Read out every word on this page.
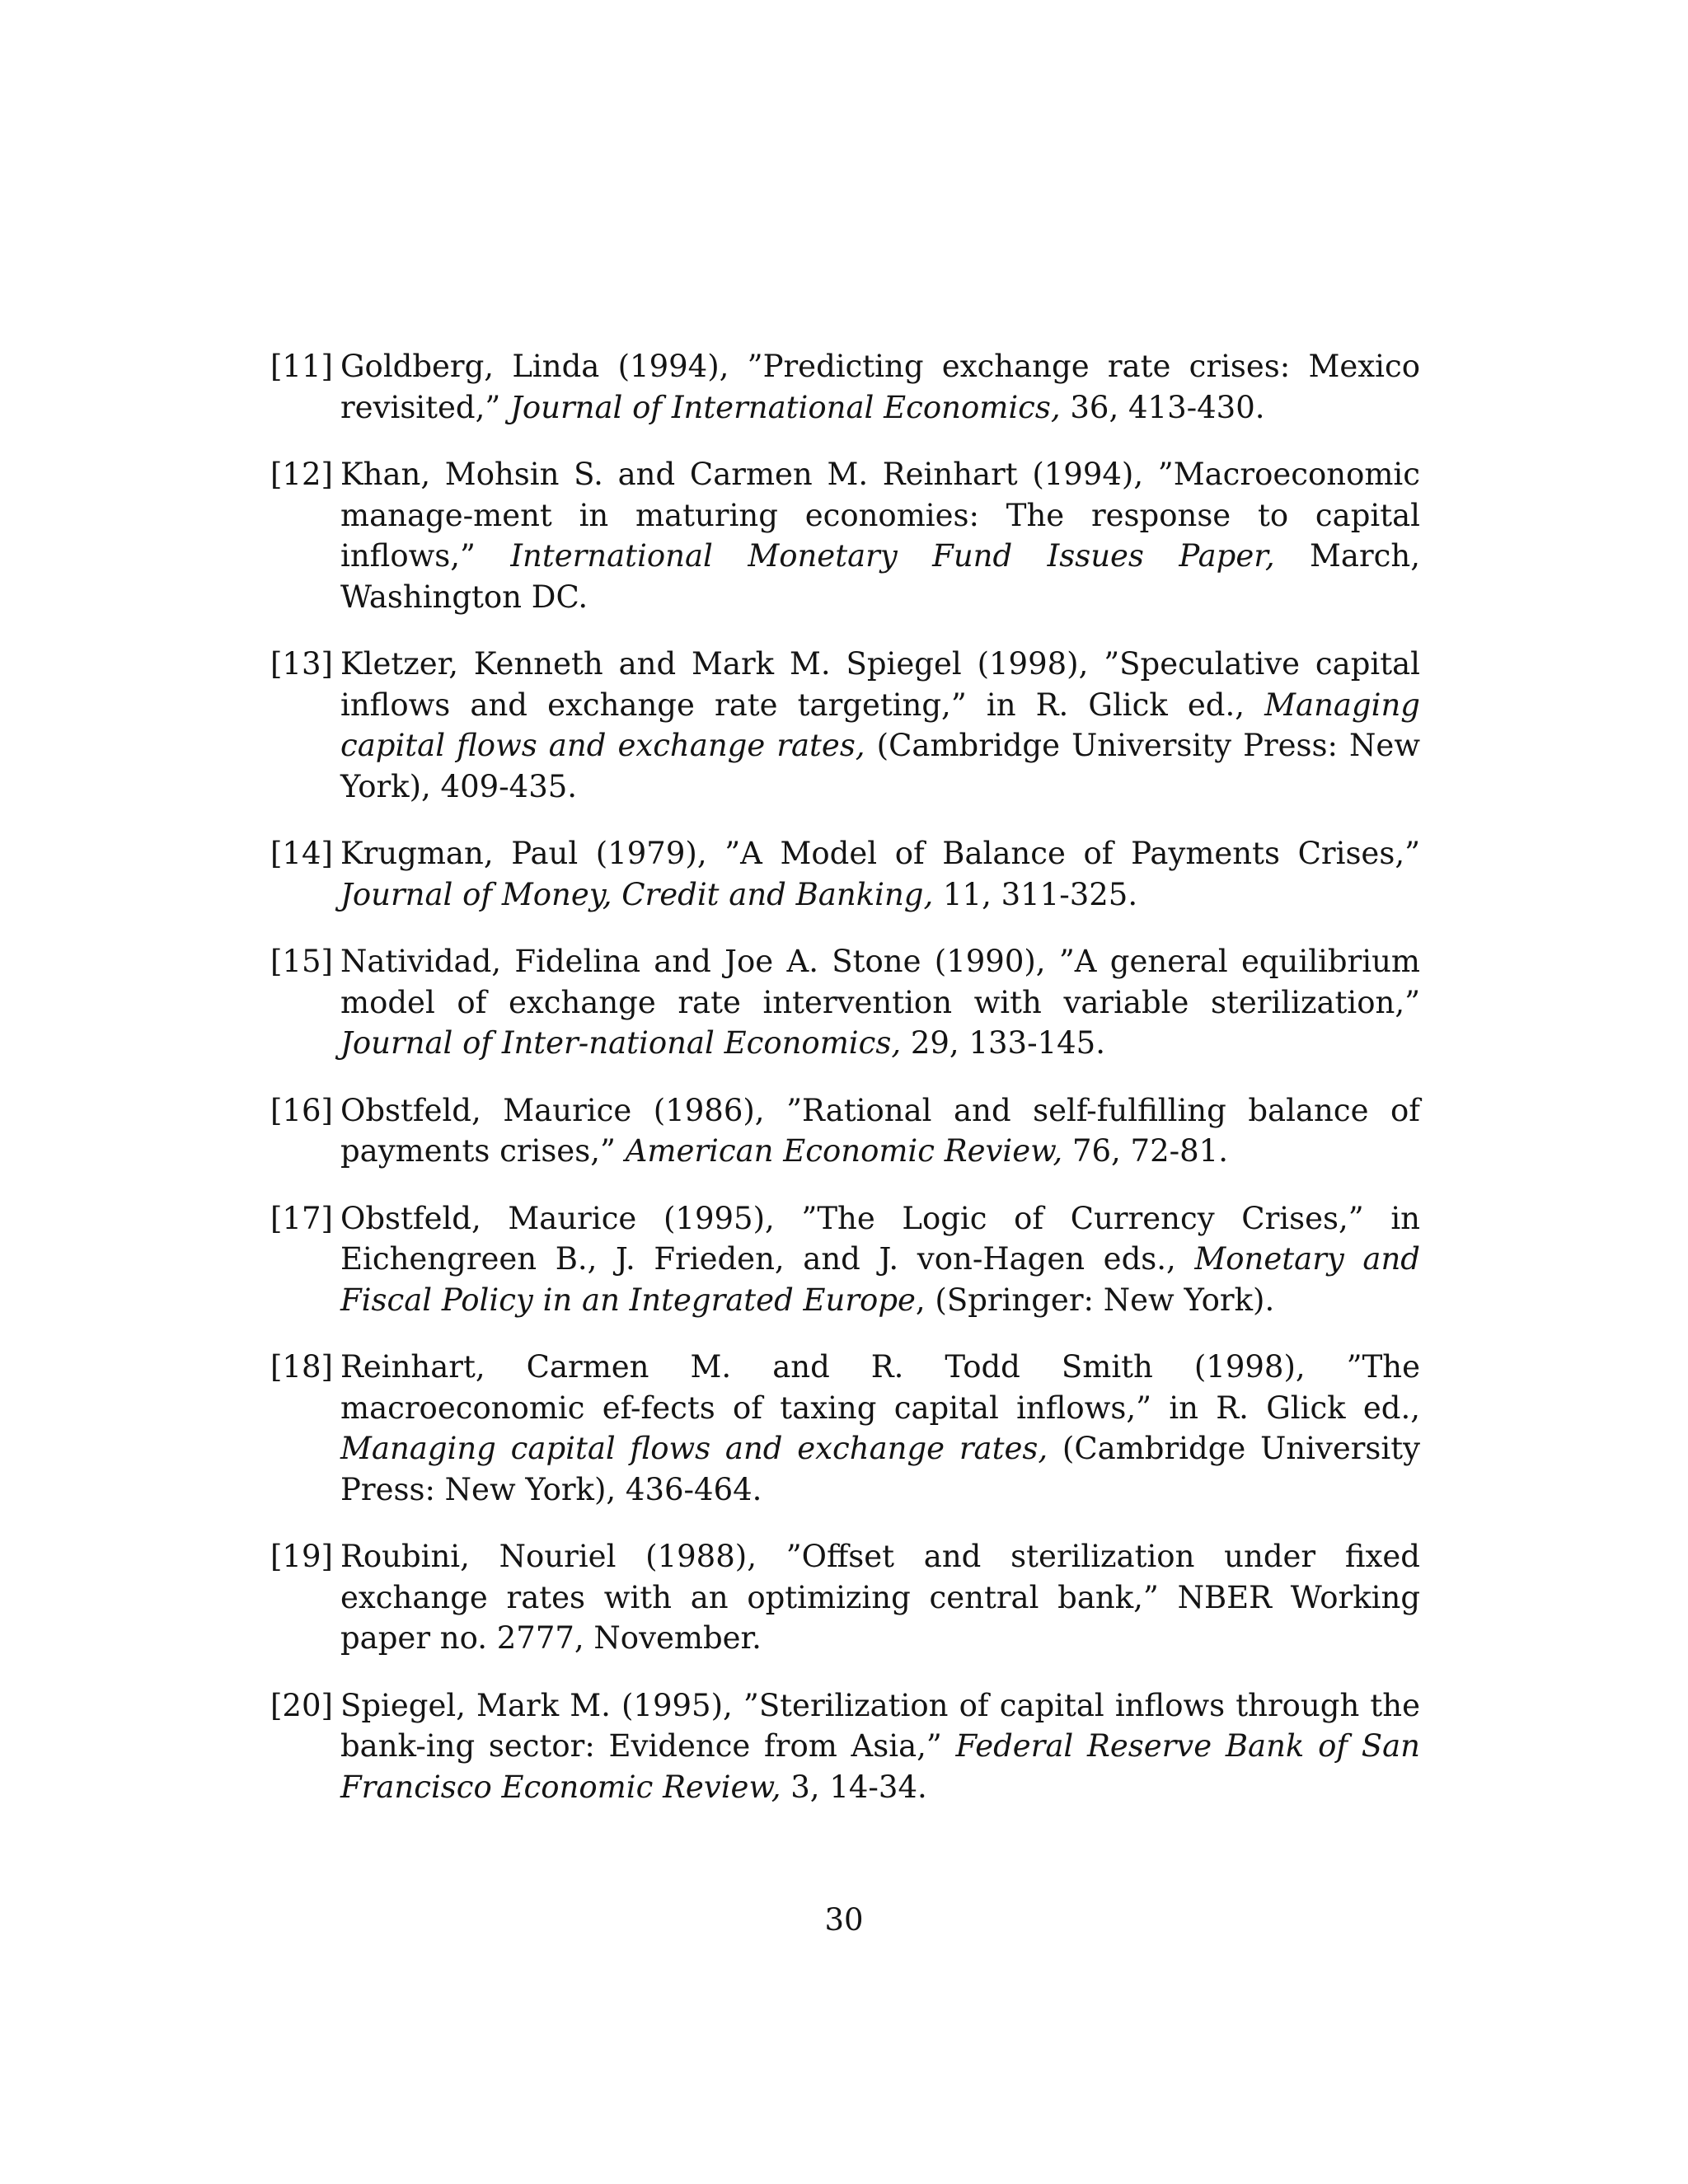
[11] Goldberg, Linda (1994), ”Predicting exchange rate crises: Mexico revisited,” Journal of International Economics, 36, 413-430.
[12] Khan, Mohsin S. and Carmen M. Reinhart (1994), ”Macroeconomic manage-ment in maturing economies: The response to capital inflows,” International Monetary Fund Issues Paper, March, Washington DC.
[13] Kletzer, Kenneth and Mark M. Spiegel (1998), ”Speculative capital inflows and exchange rate targeting,” in R. Glick ed., Managing capital flows and exchange rates, (Cambridge University Press: New York), 409-435.
[14] Krugman, Paul (1979), ”A Model of Balance of Payments Crises,” Journal of Money, Credit and Banking, 11, 311-325.
[15] Natividad, Fidelina and Joe A. Stone (1990), ”A general equilibrium model of exchange rate intervention with variable sterilization,” Journal of Inter-national Economics, 29, 133-145.
[16] Obstfeld, Maurice (1986), ”Rational and self-fulfilling balance of payments crises,” American Economic Review, 76, 72-81.
[17] Obstfeld, Maurice (1995), ”The Logic of Currency Crises,” in Eichengreen B., J. Frieden, and J. von-Hagen eds., Monetary and Fiscal Policy in an Integrated Europe, (Springer: New York).
[18] Reinhart, Carmen M. and R. Todd Smith (1998), ”The macroeconomic ef-fects of taxing capital inflows,” in R. Glick ed., Managing capital flows and exchange rates, (Cambridge University Press: New York), 436-464.
[19] Roubini, Nouriel (1988), ”Offset and sterilization under fixed exchange rates with an optimizing central bank,” NBER Working paper no. 2777, November.
[20] Spiegel, Mark M. (1995), ”Sterilization of capital inflows through the bank-ing sector: Evidence from Asia,” Federal Reserve Bank of San Francisco Economic Review, 3, 14-34.
30
